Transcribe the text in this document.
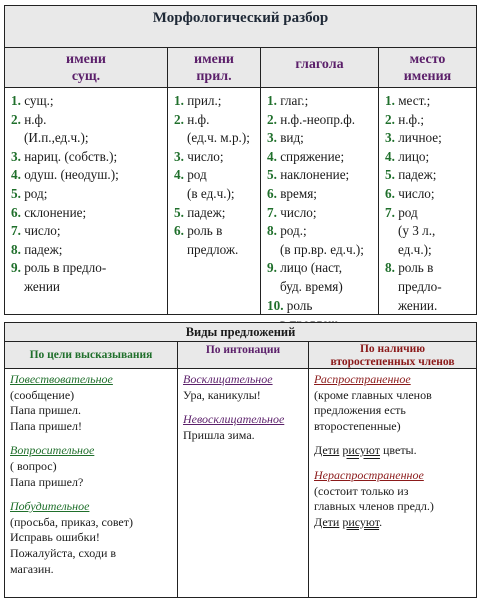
Морфологический разбор
имени
сущ.
1. сущ.;
2. н.ф.
(И.п.,ед.ч.);
3. нариц. (собств.);
4. одуш. (неодуш.);
5. род;
6. склонение;
7. число;
8. падеж;
9. роль в предло-
жении
имени
прил.
1. прил.;
2. н.ф.
(ед.ч. м.р.);
3. число;
4. род
(в ед.ч.);
5. падеж;
6. роль в
предлож.
глагола
1. глаг.;
2. н.ф.-неопр.ф.
3. вид;
4. спряжение;
5. наклонение;
6. время;
7. число;
8. род.;
(в пр.вр. ед.ч.);
9. лицо (наст,
буд. время)
10. роль
место
имения
1. мест.;
2. н.ф.;
3. личное;
4. лицо;
5. падеж;
6. число;
7. род
(у 3 л.,
ед.ч.);
8. роль в
предло-
жении.
Виды предложений
По цели высказывания
Повествовательное
(сообщение)
Папа пришел.
Папа пришел!
Вопросительное
( вопрос)
Папа пришел?
Побудительное
(просьба, приказ, совет)
Исправь ошибки!
Пожалуйста, сходи в
магазин.
По интонации
Восклицательное
Ура, каникулы!
Невосклицательное
Пришла зима.
По наличию
второстепенных членов
Распространенное
(кроме главных членов
предложения есть
второстепенные)
Дети рисуют цветы.
Нераспространенное
(состоит только из
главных членов предл.)
Дети рисуют.
